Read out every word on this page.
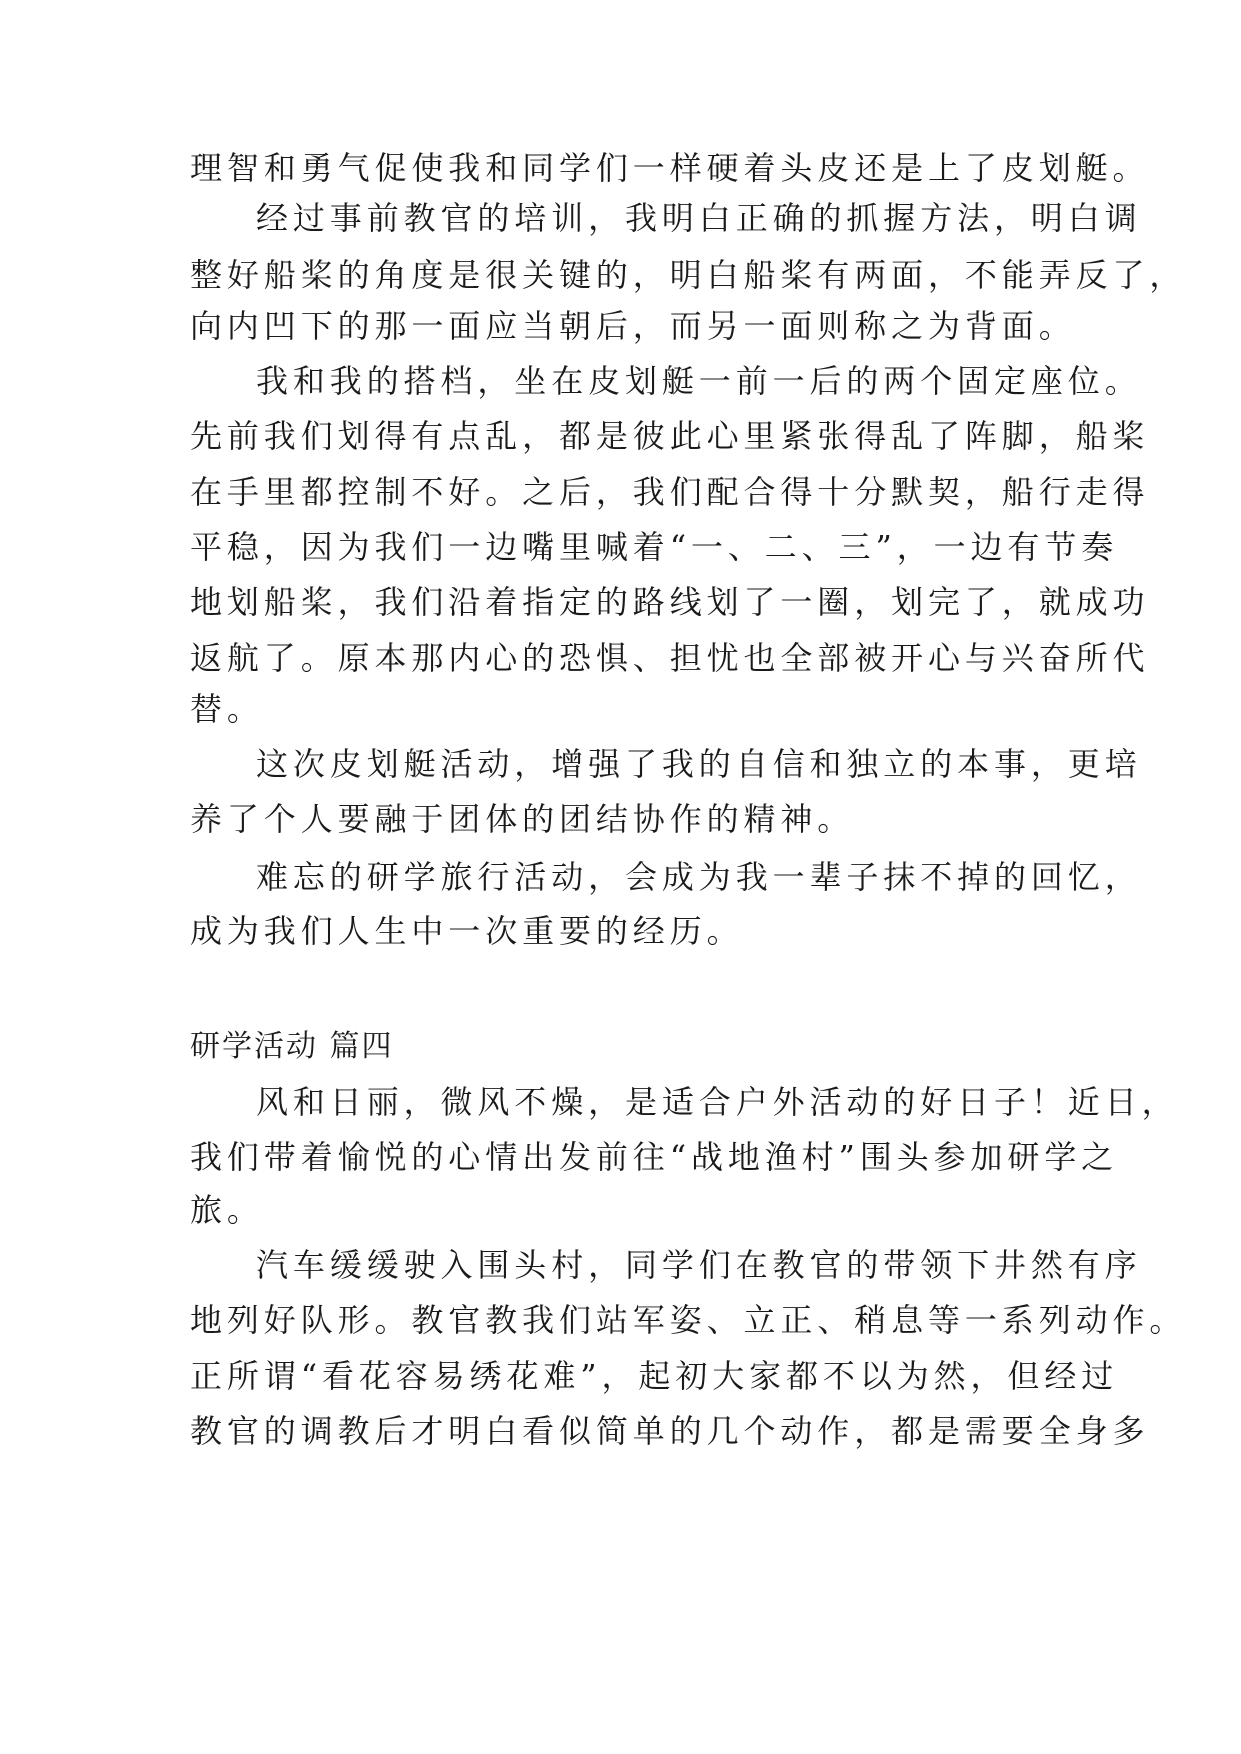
理智和勇气促使我和同学们一样硬着头皮还是上了皮划艇。
经过事前教官的培训，我明白正确的抓握方法，明白调
整好船桨的角度是很关键的，明白船桨有两面，不能弄反了，
向内凹下的那一面应当朝后，而另一面则称之为背面。
我和我的搭档，坐在皮划艇一前一后的两个固定座位。
先前我们划得有点乱，都是彼此心里紧张得乱了阵脚，船桨
在手里都控制不好。之后，我们配合得十分默契，船行走得
平稳，因为我们一边嘴里喊着“一、二、三”，一边有节奏
地划船桨，我们沿着指定的路线划了一圈，划完了，就成功
返航了。原本那内心的恐惧、担忧也全部被开心与兴奋所代
替。
这次皮划艇活动，增强了我的自信和独立的本事，更培
养了个人要融于团体的团结协作的精神。
难忘的研学旅行活动，会成为我一辈子抹不掉的回忆，
成为我们人生中一次重要的经历。
研学活动 篇四
风和日丽，微风不燥，是适合户外活动的好日子！近日，
我们带着愉悦的心情出发前往“战地渔村”围头参加研学之
旅。
汽车缓缓驶入围头村，同学们在教官的带领下井然有序
地列好队形。教官教我们站军姿、立正、稍息等一系列动作。
正所谓“看花容易绣花难”，起初大家都不以为然，但经过
教官的调教后才明白看似简单的几个动作，都是需要全身多
